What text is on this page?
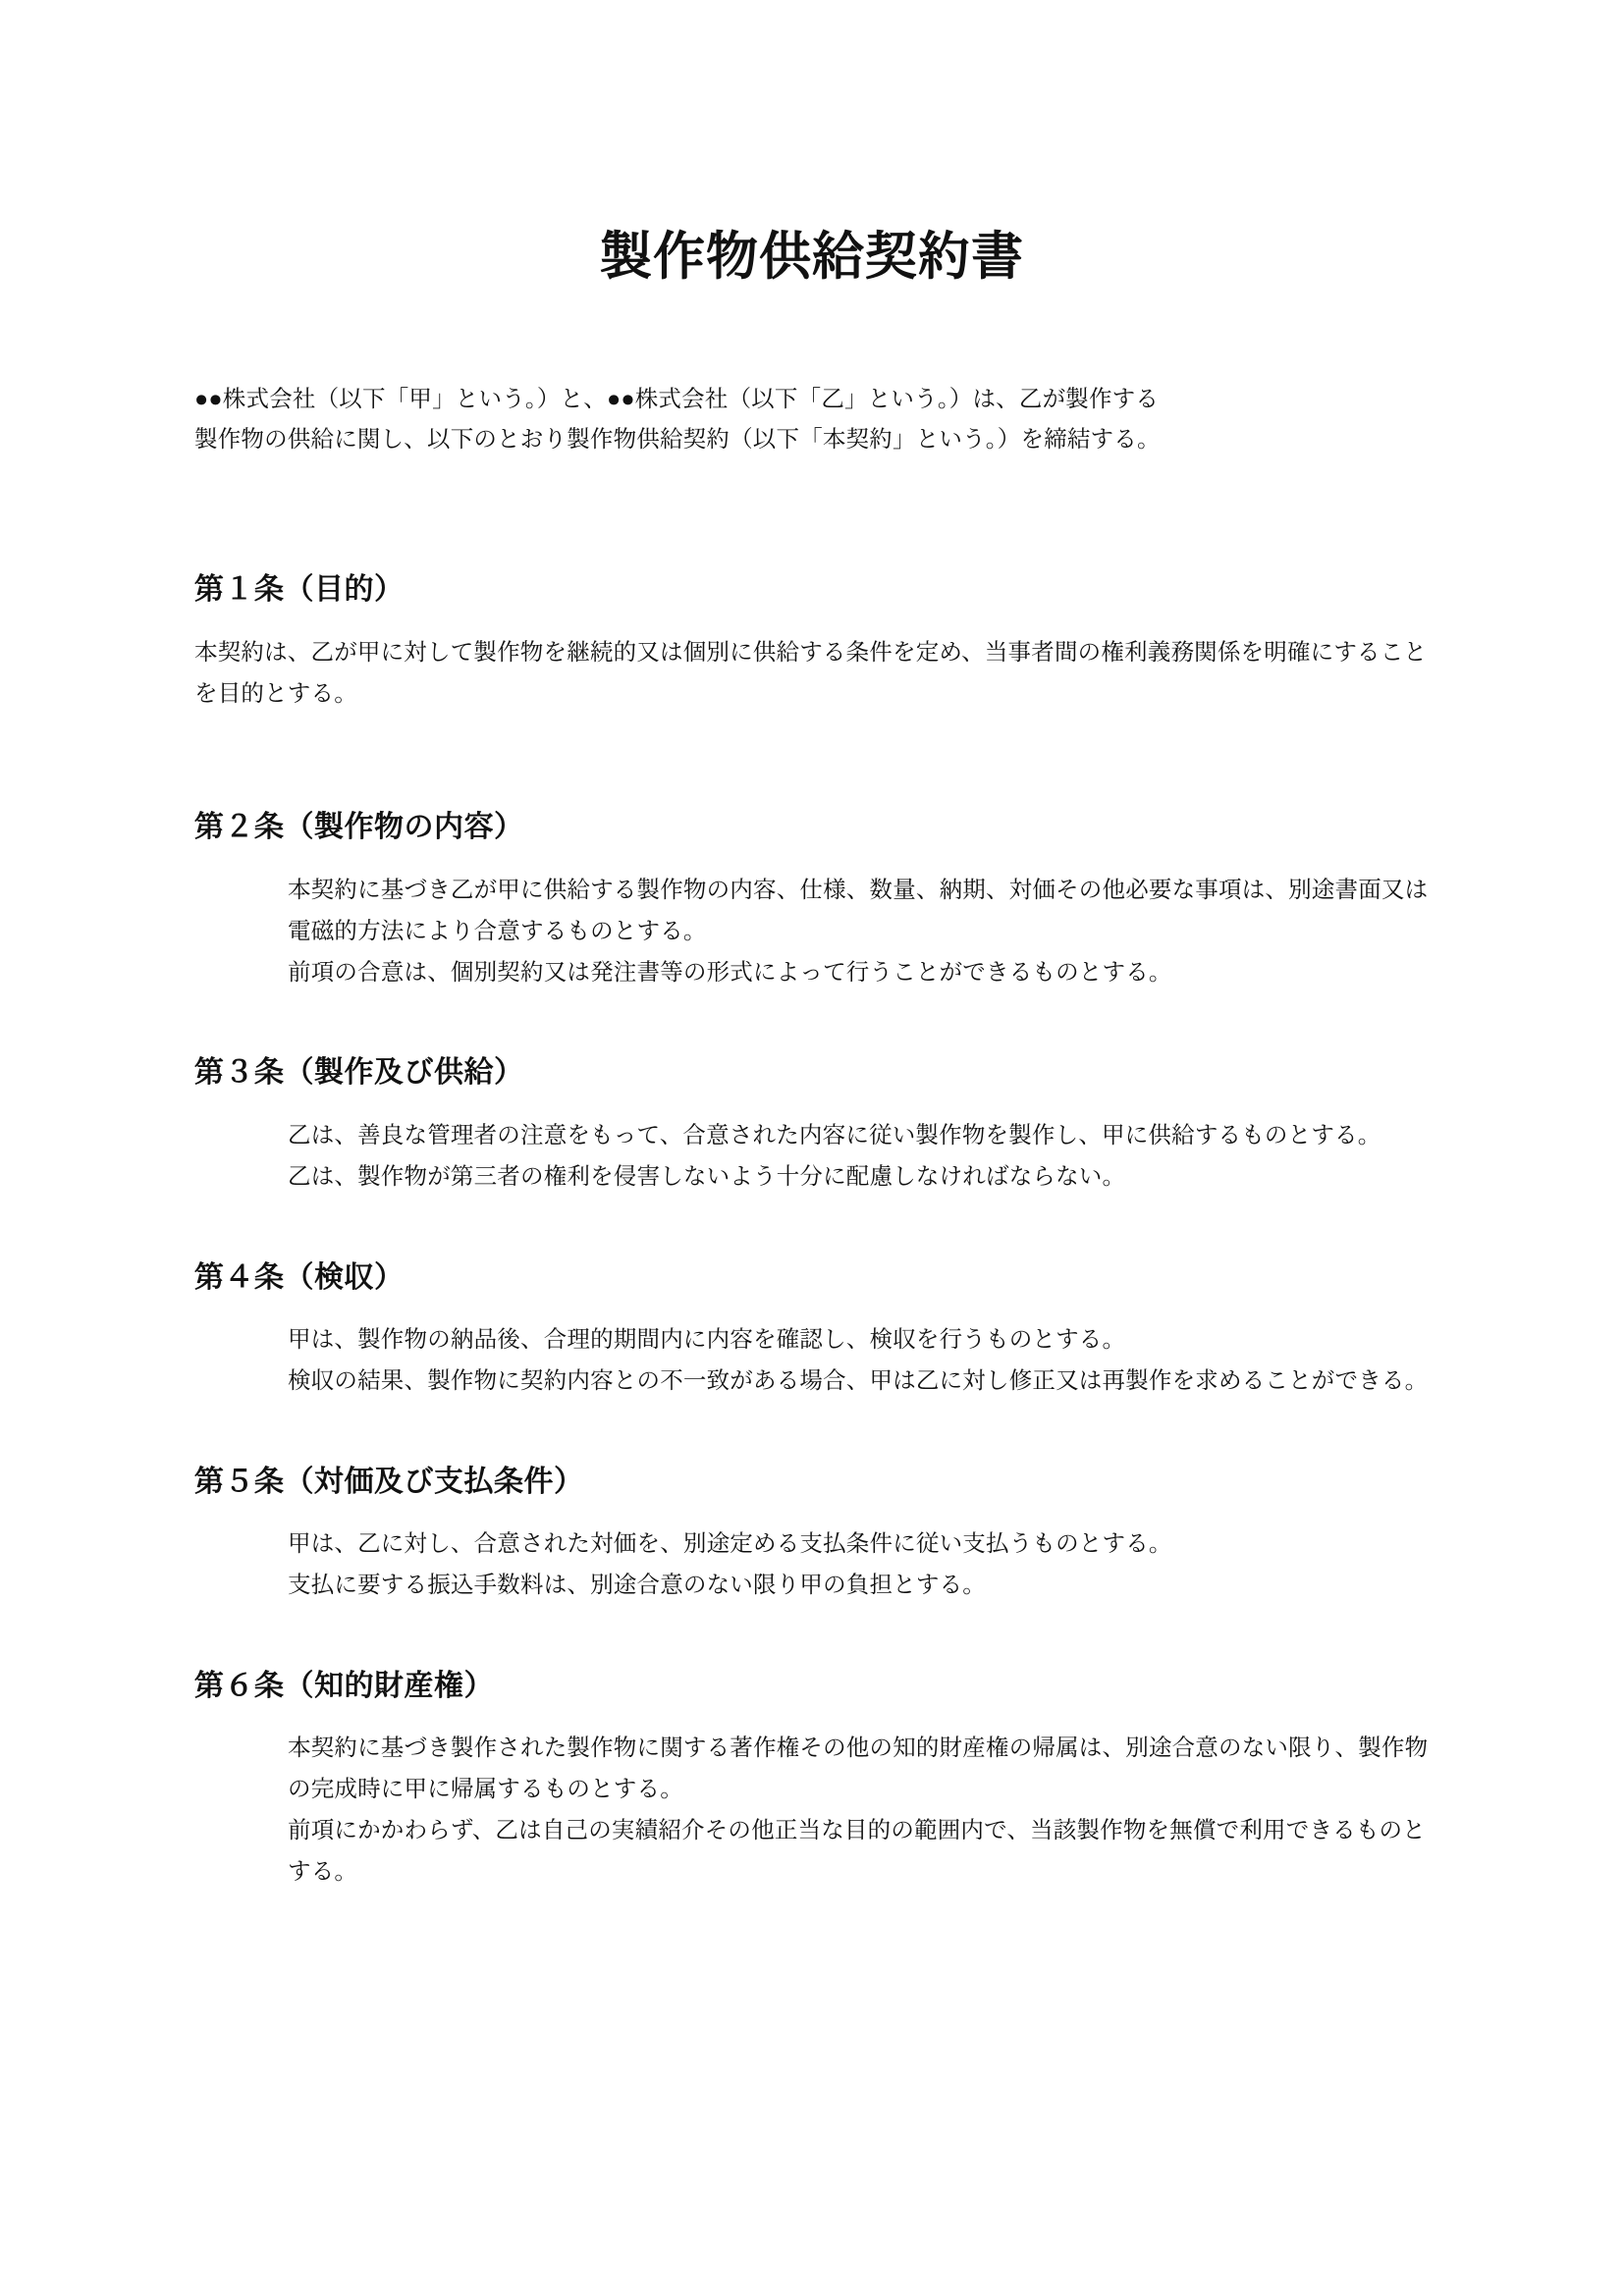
製作物供給契約書
●●株式会社（以下「甲」という。）と、●●株式会社（以下「乙」という。）は、乙が製作する
製作物の供給に関し、以下のとおり製作物供給契約（以下「本契約」という。）を締結する。
第１条（目的）

本契約は、乙が甲に対して製作物を継続的又は個別に供給する条件を定め、当事者間の権利義務関係を明確にすることを目的とする。

第２条（製作物の内容）

本契約に基づき乙が甲に供給する製作物の内容、仕様、数量、納期、対価その他必要な事項は、別途書面又は電磁的方法により合意するものとする。

前項の合意は、個別契約又は発注書等の形式によって行うことができるものとする。

第３条（製作及び供給）

乙は、善良な管理者の注意をもって、合意された内容に従い製作物を製作し、甲に供給するものとする。

乙は、製作物が第三者の権利を侵害しないよう十分に配慮しなければならない。

第４条（検収）

甲は、製作物の納品後、合理的期間内に内容を確認し、検収を行うものとする。

検収の結果、製作物に契約内容との不一致がある場合、甲は乙に対し修正又は再製作を求めることができる。

第５条（対価及び支払条件）

甲は、乙に対し、合意された対価を、別途定める支払条件に従い支払うものとする。

支払に要する振込手数料は、別途合意のない限り甲の負担とする。

第６条（知的財産権）

本契約に基づき製作された製作物に関する著作権その他の知的財産権の帰属は、別途合意のない限り、製作物の完成時に甲に帰属するものとする。

前項にかかわらず、乙は自己の実績紹介その他正当な目的の範囲内で、当該製作物を無償で利用できるものとする。
